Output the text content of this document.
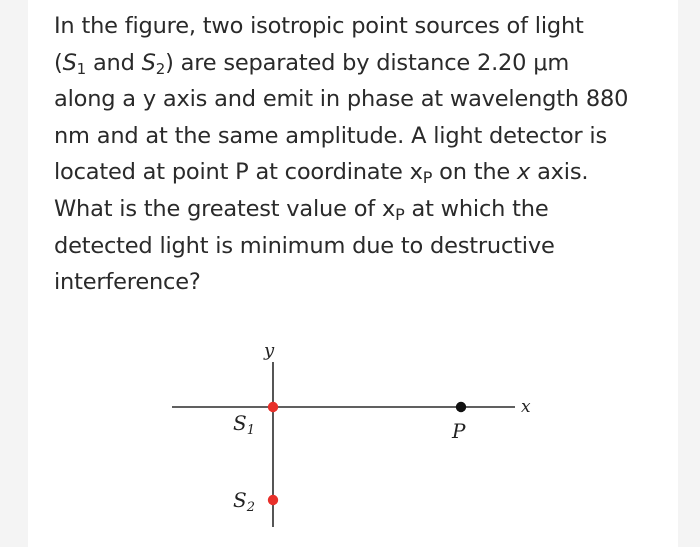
In the figure, two isotropic point sources of light
($S_1$ and $S_2$) are separated by distance 2.20 μm
along a y axis and emit in phase at wavelength 880
nm and at the same amplitude. A light detector is
located at point P at coordinate $x_P$ on the x axis.
What is the greatest value of $x_P$ at which the
detected light is minimum due to destructive
interference?

y
x
$S_1$
$S_2$
P
